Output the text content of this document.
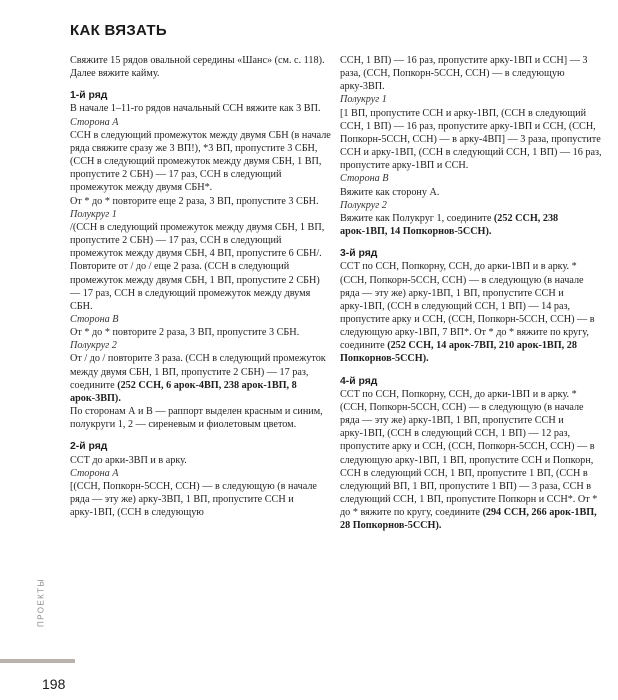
КАК ВЯЗАТЬ

Свяжите 15 рядов овальной середины «Шанс» (см. с. 118). Далее вяжите кайму.

1-й ряд

В начале 1–11-го рядов начальный ССН вяжите как 3 ВП.

Сторона А

ССН в следующий промежуток между двумя СБН (в начале ряда свяжите сразу же 3 ВП!), *3 ВП, пропустите 3 СБН, (ССН в следующий промежуток между двумя СБН, 1 ВП, пропустите 2 СБН) — 17 раз, ССН в следующий промежуток между двумя СБН*.

От * до * повторите еще 2 раза, 3 ВП, пропустите 3 СБН.

Полукруг 1

/(ССН в следующий промежуток между двумя СБН, 1 ВП, пропустите 2 СБН) — 17 раз, ССН в следующий промежуток между двумя СБН, 4 ВП, пропустите 6 СБН/. Повторите от / до / еще 2 раза. (ССН в следующий промежуток между двумя СБН, 1 ВП, пропустите 2 СБН) — 17 раз, ССН в следующий промежуток между двумя СБН.

Сторона В

От * до * повторите 2 раза, 3 ВП, пропустите 3 СБН.

Полукруг 2

От / до / повторите 3 раза. (ССН в следующий промежуток между двумя СБН, 1 ВП, пропустите 2 СБН) — 17 раз, соедините (252 ССН, 6 арок-4ВП, 238 арок-1ВП, 8 арок-3ВП).

По сторонам А и В — раппорт выделен красным и синим, полукруги 1, 2 — сиреневым и фиолетовым цветом.

2-й ряд

ССТ до арки-3ВП и в арку.

Сторона А

[(ССН, Попкорн-5ССН, ССН) — в следующую (в начале ряда — эту же) арку-3ВП, 1 ВП, пропустите ССН и арку-1ВП, (ССН в следующую

ССН, 1 ВП) — 16 раз, пропустите арку-1ВП и ССН] — 3 раза, (ССН, Попкорн-5ССН, ССН) — в следующую арку-3ВП.

Полукруг 1

[1 ВП, пропустите ССН и арку-1ВП, (ССН в следующий ССН, 1 ВП) — 16 раз, пропустите арку-1ВП и ССН, (ССН, Попкорн-5ССН, ССН) — в арку-4ВП] — 3 раза, пропустите ССН и арку-1ВП, (ССН в следующий ССН, 1 ВП) — 16 раз, пропустите арку-1ВП и ССН.

Сторона В

Вяжите как сторону А.

Полукруг 2

Вяжите как Полукруг 1, соедините (252 ССН, 238 арок-1ВП, 14 Попкорнов-5ССН).

3-й ряд

ССТ по ССН, Попкорну, ССН, до арки-1ВП и в арку. *(ССН, Попкорн-5ССН, ССН) — в следующую (в начале ряда — эту же) арку-1ВП, 1 ВП, пропустите ССН и арку-1ВП, (ССН в следующий ССН, 1 ВП) — 14 раз, пропустите арку и ССН, (ССН, Попкорн-5ССН, ССН) — в следующую арку-1ВП, 7 ВП*. От * до * вяжите по кругу, соедините (252 ССН, 14 арок-7ВП, 210 арок-1ВП, 28 Попкорнов-5ССН).

4-й ряд

ССТ по ССН, Попкорну, ССН, до арки-1ВП и в арку. *(ССН, Попкорн-5ССН, ССН) — в следующую (в начале ряда — эту же) арку-1ВП, 1 ВП, пропустите ССН и арку-1ВП, (ССН в следующий ССН, 1 ВП) — 12 раз, пропустите арку и ССН, (ССН, Попкорн-5ССН, ССН) — в следующую арку-1ВП, 1 ВП, пропустите ССН и Попкорн, ССН в следующий ССН, 1 ВП, пропустите 1 ВП, (ССН в следующий ВП, 1 ВП, пропустите 1 ВП) — 3 раза, ССН в следующий ССН, 1 ВП, пропустите Попкорн и ССН*. От * до * вяжите по кругу, соедините (294 ССН, 266 арок-1ВП, 28 Попкорнов-5ССН).

ПРОЕКТЫ
198
